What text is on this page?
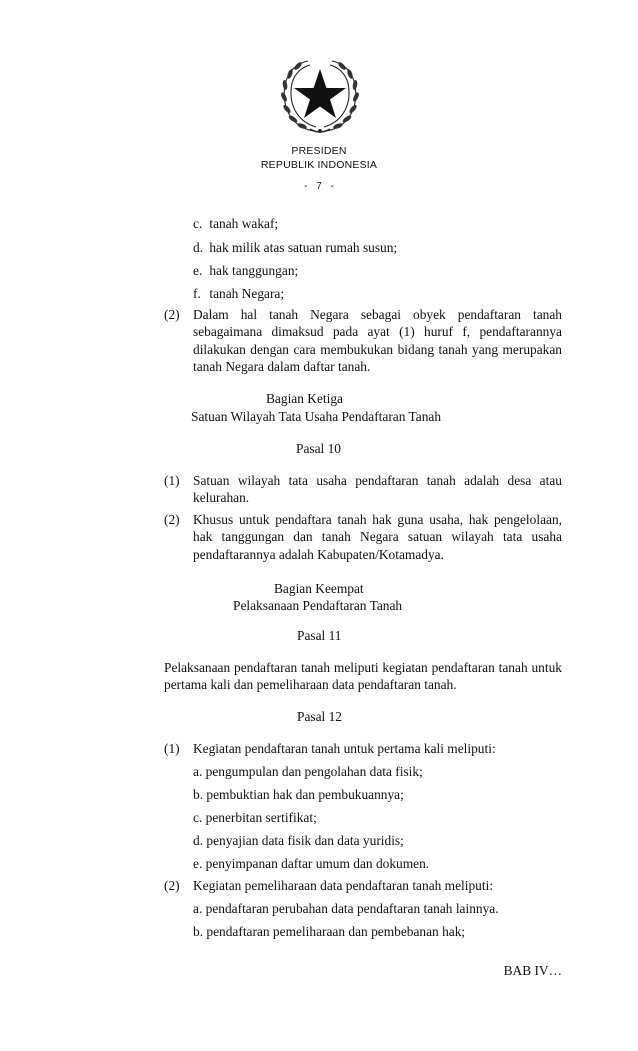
PRESIDEN
REPUBLIK INDONESIA
- 7 -
c. tanah wakaf;
d. hak milik atas satuan rumah susun;
e. hak tanggungan;
f. tanah Negara;
(2) Dalam hal tanah Negara sebagai obyek pendaftaran tanah sebagaimana dimaksud pada ayat (1) huruf f, pendaftarannya dilakukan dengan cara membukukan bidang tanah yang merupakan tanah Negara dalam daftar tanah.
Bagian Ketiga
Satuan Wilayah Tata Usaha Pendaftaran Tanah
Pasal 10
(1) Satuan wilayah tata usaha pendaftaran tanah adalah desa atau kelurahan.
(2) Khusus untuk pendaftara tanah hak guna usaha, hak pengelolaan, hak tanggungan dan tanah Negara satuan wilayah tata usaha pendaftarannya adalah Kabupaten/Kotamadya.
Bagian Keempat
Pelaksanaan Pendaftaran Tanah
Pasal 11
Pelaksanaan pendaftaran tanah meliputi kegiatan pendaftaran tanah untuk pertama kali dan pemeliharaan data pendaftaran tanah.
Pasal 12
(1) Kegiatan pendaftaran tanah untuk pertama kali meliputi:
a. pengumpulan dan pengolahan data fisik;
b. pembuktian hak dan pembukuannya;
c. penerbitan sertifikat;
d. penyajian data fisik dan data yuridis;
e. penyimpanan daftar umum dan dokumen.
(2) Kegiatan pemeliharaan data pendaftaran tanah meliputi:
a. pendaftaran perubahan data pendaftaran tanah lainnya.
b. pendaftaran pemeliharaan dan pembebanan hak;
BAB IV…
